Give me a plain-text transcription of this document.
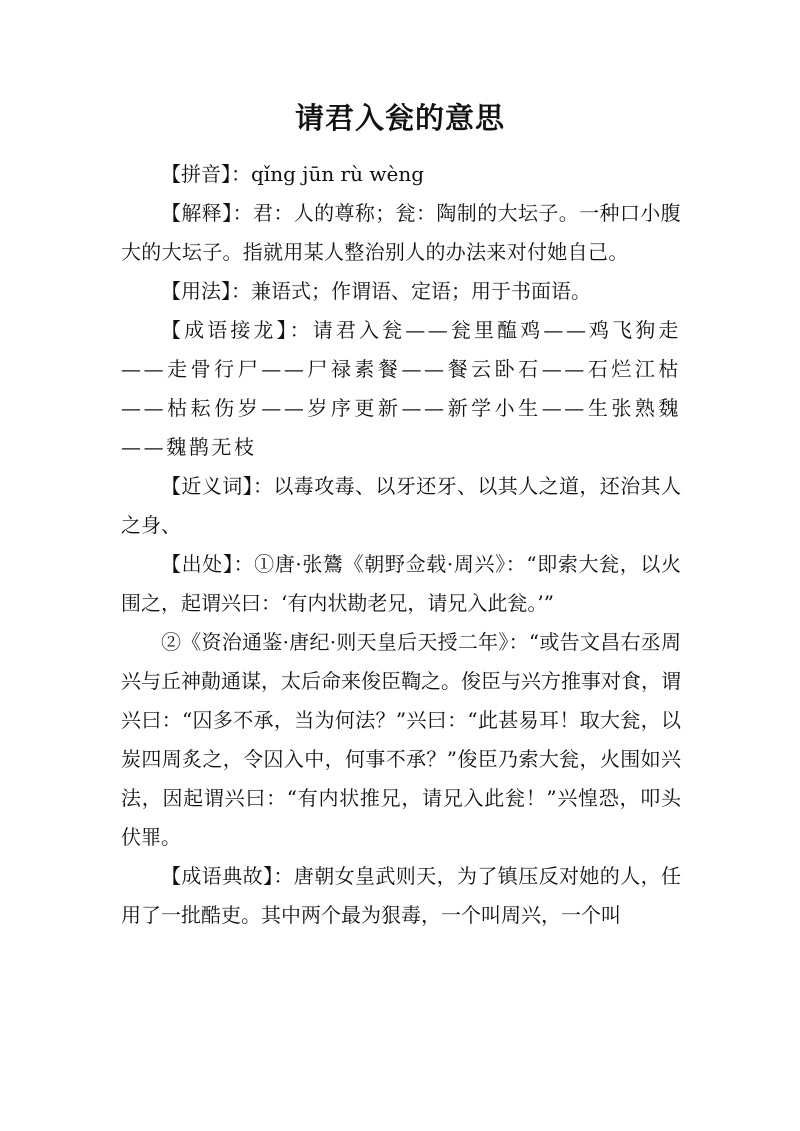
请君入瓮的意思

【拼音】：qǐng jūn rù wèng

【解释】：君：人的尊称；瓮：陶制的大坛子。一种口小腹大的大坛子。指就用某人整治别人的办法来对付她自己。

【用法】：兼语式；作谓语、定语；用于书面语。

【成语接龙】：请君入瓮——瓮里醢鸡——鸡飞狗走——走骨行尸——尸禄素餐——餐云卧石——石烂江枯——枯耘伤岁——岁序更新——新学小生——生张熟魏——魏鹊无枝

【近义词】：以毒攻毒、以牙还牙、以其人之道，还治其人之身、

【出处】：①唐·张鷟《朝野佥载·周兴》：“即索大瓮，以火围之，起谓兴曰：‘有内状勘老兄，请兄入此瓮。’”

②《资治通鉴·唐纪·则天皇后天授二年》：“或告文昌右丞周兴与丘神勣通谋，太后命来俊臣鞫之。俊臣与兴方推事对食，谓兴曰：“囚多不承，当为何法？”兴曰：“此甚易耳！取大瓮，以炭四周炙之，令囚入中，何事不承？”俊臣乃索大瓮，火围如兴法，因起谓兴曰：“有内状推兄，请兄入此瓮！”兴惶恐，叩头伏罪。

【成语典故】：唐朝女皇武则天，为了镇压反对她的人，任用了一批酷吏。其中两个最为狠毒，一个叫周兴，一个叫
